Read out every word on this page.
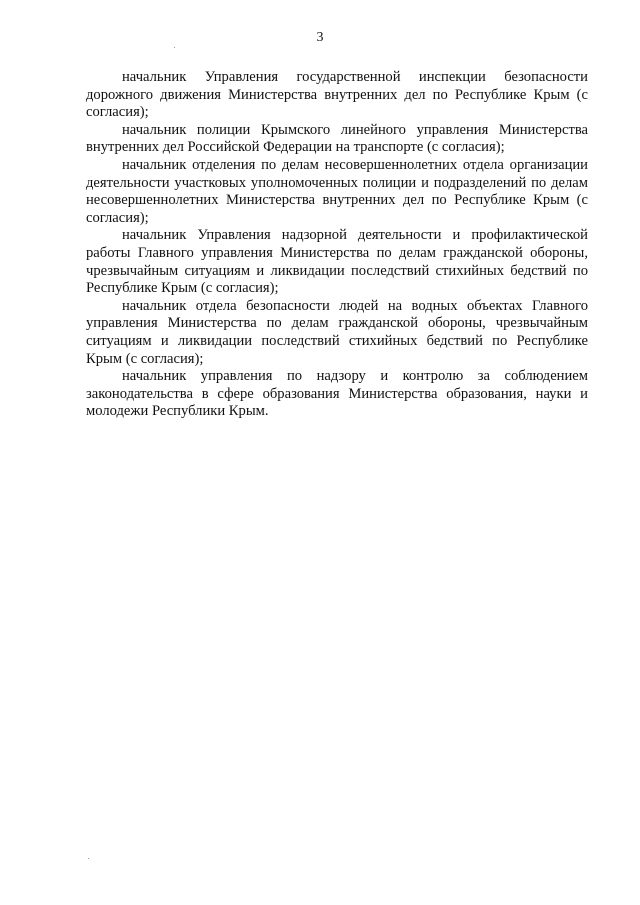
3

начальник Управления государственной инспекции безопасности дорожного движения Министерства внутренних дел по Республике Крым (с согласия);

начальник полиции Крымского линейного управления Министерства внутренних дел Российской Федерации на транспорте (с согласия);

начальник отделения по делам несовершеннолетних отдела организации деятельности участковых уполномоченных полиции и подразделений по делам несовершеннолетних Министерства внутренних дел по Республике Крым (с согласия);

начальник Управления надзорной деятельности и профилактической работы Главного управления Министерства по делам гражданской обороны, чрезвычайным ситуациям и ликвидации последствий стихийных бедствий по Республике Крым (с согласия);

начальник отдела безопасности людей на водных объектах Главного управления Министерства по делам гражданской обороны, чрезвычайным ситуациям и ликвидации последствий стихийных бедствий по Республике Крым (с согласия);

начальник управления по надзору и контролю за соблюдением законодательства в сфере образования Министерства образования, науки и молодежи Республики Крым.
